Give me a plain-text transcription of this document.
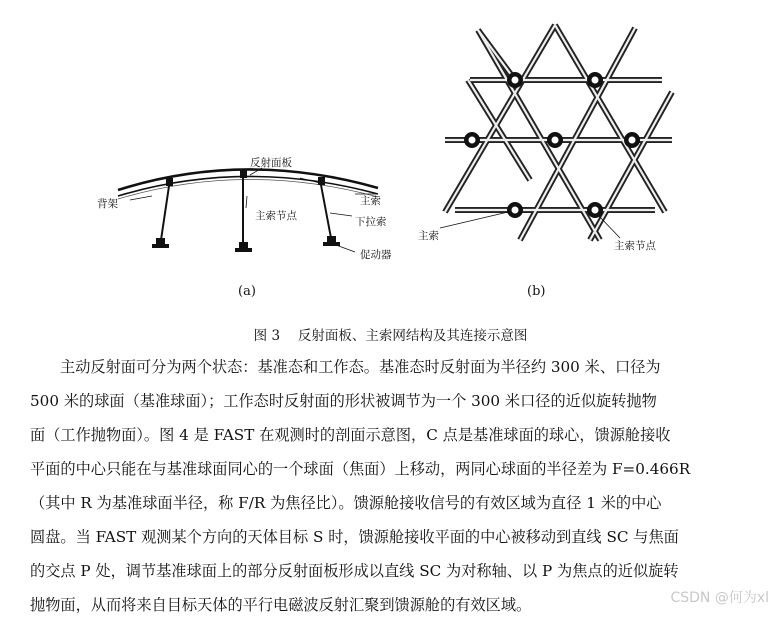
反射面板
主索
背架
主索节点	下拉索
促动器
(a)
主索
主索节点
(b)
图 3　 反射面板、主索网结构及其连接示意图
主动反射面可分为两个状态：基准态和工作态。基准态时反射面为半径约 300 米、口径为
500 米的球面（基准球面）；工作态时反射面的形状被调节为一个 300 米口径的近似旋转抛物
面（工作抛物面）。图 4 是 FAST 在观测时的剖面示意图，C 点是基准球面的球心，馈源舱接收
平面的中心只能在与基准球面同心的一个球面（焦面）上移动，两同心球面的半径差为 F=0.466R
（其中 R 为基准球面半径，称 F/R 为焦径比）。馈源舱接收信号的有效区域为直径 1 米的中心
圆盘。当 FAST 观测某个方向的天体目标 S 时，馈源舱接收平面的中心被移动到直线 SC 与焦面
的交点 P 处，调节基准球面上的部分反射面板形成以直线 SC 为对称轴、以 P 为焦点的近似旋转
抛物面，从而将来自目标天体的平行电磁波反射汇聚到馈源舱的有效区域。	CSDN @何为xl
